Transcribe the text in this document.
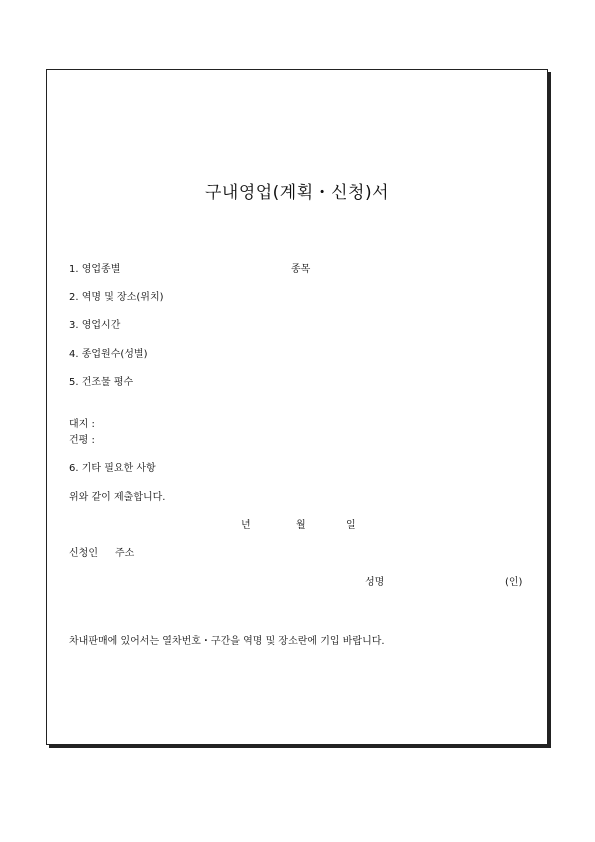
구내영업(계획・신청)서
1. 영업종별	종목
2. 역명 및 장소(위치)
3. 영업시간
4. 종업원수(성별)
5. 건조물 평수
대지 :
건평 :
6. 기타 필요한 사항
위와 같이 제출합니다.
년	월	일
신청인 주소
성명	(인)
차내판매에 있어서는 열차번호・구간을 역명 및 장소란에 기입 바랍니다.
